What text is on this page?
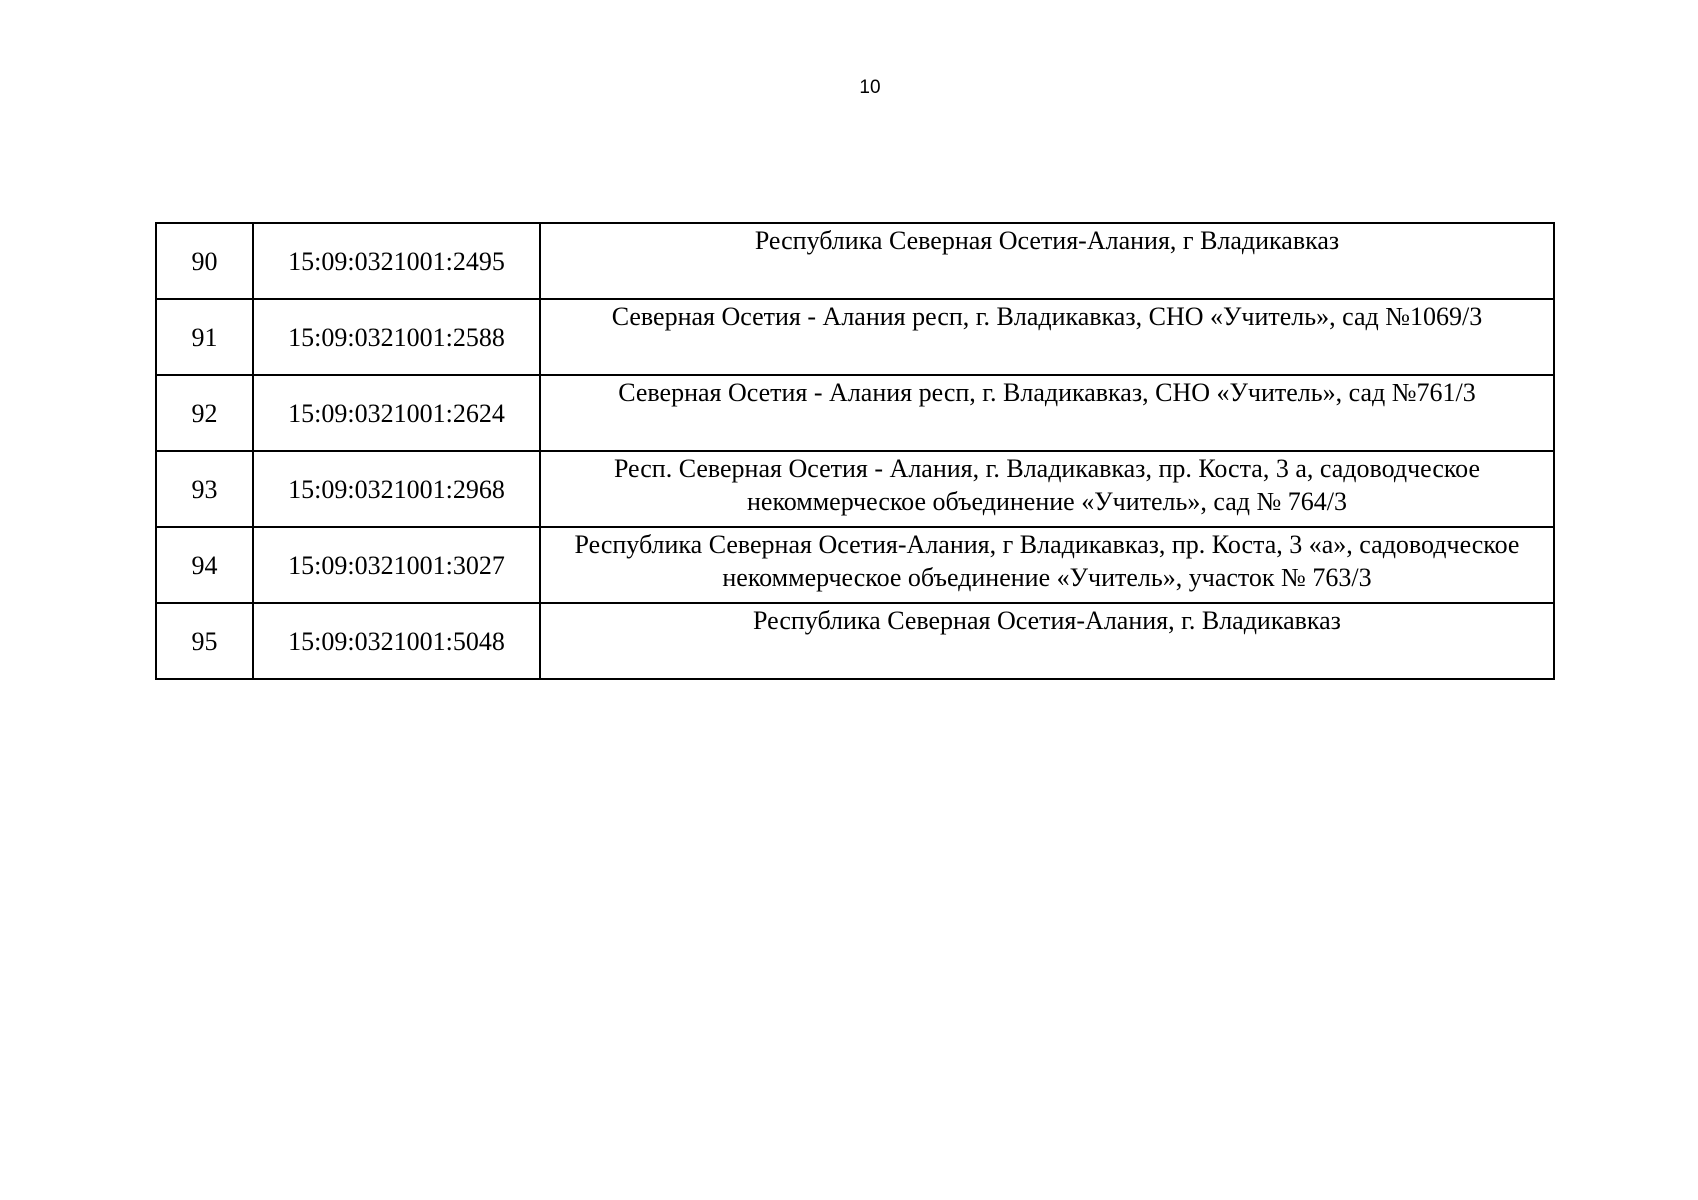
10
90	15:09:0321001:2495	Республика Северная Осетия-Алания, г Владикавказ
91	15:09:0321001:2588	Северная Осетия - Алания респ, г. Владикавказ, СНО «Учитель», сад №1069/3
92	15:09:0321001:2624	Северная Осетия - Алания респ, г. Владикавказ, СНО «Учитель», сад №761/3
93	15:09:0321001:2968	Респ. Северная Осетия - Алания, г. Владикавказ, пр. Коста, 3 а, садоводческое некоммерческое объединение «Учитель», сад № 764/3
94	15:09:0321001:3027	Республика Северная Осетия-Алания, г Владикавказ, пр. Коста, 3 «а», садоводческое некоммерческое объединение «Учитель», участок № 763/3
95	15:09:0321001:5048	Республика Северная Осетия-Алания, г. Владикавказ
